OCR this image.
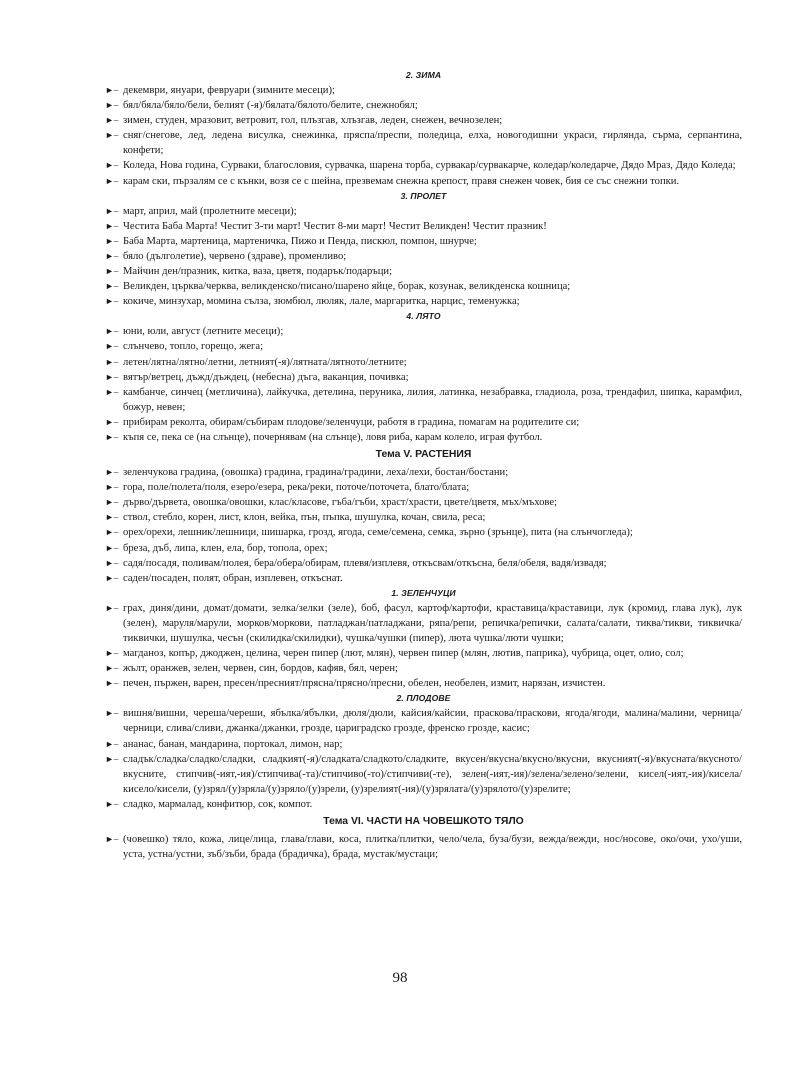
2. ЗИМА
►– декември, януари, февруари (зимните месеци);
►– бял/бяла/бяло/бели, белият (-я)/бялата/бялото/белите, снежнобял;
►– зимен, студен, мразовит, ветровит, гол, плъзгав, хлъзгав, леден, снежен, вечнозелен;
►– сняг/снегове, лед, ледена висулка, снежинка, пряспа/преспи, поледица, елха, новогодишни украси, гирлянда, сърма, серпантина, конфети;
►– Коледа, Нова година, Сурваки, благословия, сурвачка, шарена торба, сурвакар/сурвакарче, коледар/коледарче, Дядо Мраз, Дядо Коледа;
►– карам ски, пързалям се с кънки, возя се с шейна, презвемам снежна крепост, правя снежен човек, бия се със снежни топки.
3. ПРОЛЕТ
►– март, април, май (пролетните месеци);
►– Честита Баба Марта! Честит 3-ти март! Честит 8-ми март! Честит Великден! Честит празник!
►– Баба Марта, мартеница, мартеничка, Пижо и Пенда, пискюл, помпон, шнурче;
►– бяло (дълголетие), червено (здраве), променливо;
►– Майчин ден/празник, китка, ваза, цветя, подарък/подаръци;
►– Великден, църква/черква, великденско/писано/шарено яйце, борак, козунак, великденска кошница;
►– кокиче, минзухар, момина сълза, зюмбюл, люляк, лале, маргаритка, нарцис, теменужка;
4. ЛЯТО
►– юни, юли, август (летните месеци);
►– слънчево, топло, горещо, жега;
►– летен/лятна/лятно/летни, летният(-я)/лятната/лятното/летните;
►– вятър/ветрец, дъжд/дъждец, (небесна) дъга, ваканция, почивка;
►– камбанче, синчец (метличина), лайкучка, детелина, перуника, лилия, латинка, незабравка, гладиола, роза, трендафил, шипка, карамфил, божур, невен;
►– прибирам реколта, обирам/събирам плодове/зеленчуци, работя в градина, помагам на родителите си;
►– къпя се, пека се (на слънце), почернявам (на слънце), ловя риба, карам колело, играя футбол.
Тема V. РАСТЕНИЯ
►– зеленчукова градина, (овошка) градина, градина/градини, леха/лехи, бостан/бостани;
►– гора, поле/полета/поля, езеро/езера, река/реки, поточе/поточета, блато/блата;
►– дърво/дървета, овошка/овошки, клас/класове, гъба/гъби, храст/храсти, цвете/цветя, мъх/мъхове;
►– ствол, стебло, корен, лист, клон, вейка, пън, пъпка, шушулка, кочан, свила, реса;
►– орех/орехи, лешник/лешници, шишарка, грозд, ягода, семе/семена, семка, зърно (зрънце), пита (на слънчогледа);
►– бреза, дъб, липа, клен, ела, бор, топола, орех;
►– садя/посадя, поливам/полея, бера/обера/обирам, плевя/изплевя, откъсвам/откъсна, беля/обеля, вадя/извадя;
►– саден/посаден, полят, обран, изплевен, откъснат.
1. ЗЕЛЕНЧУЦИ
►– грах, диня/дини, домат/домати, зелка/зелки (зеле), боб, фасул, картоф/картофи, краставица/краставици, лук (кромид, глава лук), лук (зелен), маруля/марули, морков/моркови, патладжан/патладжани, ряпа/репи, репичка/репички, салата/салати, тиква/тикви, тиквичка/тиквички, шушулка, чесън (скилидка/скилидки), чушка/чушки (пипер), люта чушка/люти чушки;
►– магданоз, копър, джоджен, целина, черен пипер (лют, млян), червен пипер (млян, лютив, паприка), чубрица, оцет, олио, сол;
►– жълт, оранжев, зелен, червен, син, бордов, кафяв, бял, черен;
►– печен, пържен, варен, пресен/пресният/прясна/прясно/пресни, обелен, необелен, измит, нарязан, изчистен.
2. ПЛОДОВЕ
►– вишня/вишни, череша/череши, ябълка/ябълки, дюля/дюли, кайсия/кайсии, праскова/праскови, ягода/ягоди, малина/малини, черница/черници, слива/сливи, джанка/джанки, грозде, цариградско грозде, френско грозде, касис;
►– ананас, банан, мандарина, портокал, лимон, нар;
►– сладък/сладка/сладко/сладки, сладкият(-я)/сладката/сладкото/сладките, вкусен/вкусна/вкусно/вкусни, вкусният(-я)/вкусната/вкусното/вкусните, стипчив(-ият,-ия)/стипчива(-та)/стипчиво(-то)/стипчиви(-те), зелен(-ият,-ия)/зелена/зелено/зелени, кисел(-ият,-ия)/кисела/кисело/кисели, (у)зрял/(у)зряла/(у)зряло/(у)зрели, (у)зрелият(-ия)/(у)зрялата/(у)зрялото/(у)зрелите;
►– сладко, мармалад, конфитюр, сок, компот.
Тема VI. ЧАСТИ НА ЧОВЕШКОТО ТЯЛО
►– (човешко) тяло, кожа, лице/лица, глава/глави, коса, плитка/плитки, чело/чела, буза/бузи, вежда/вежди, нос/носове, око/очи, ухо/уши, уста, устна/устни, зъб/зъби, брада (брадичка), брада, мустак/мустаци;
98
